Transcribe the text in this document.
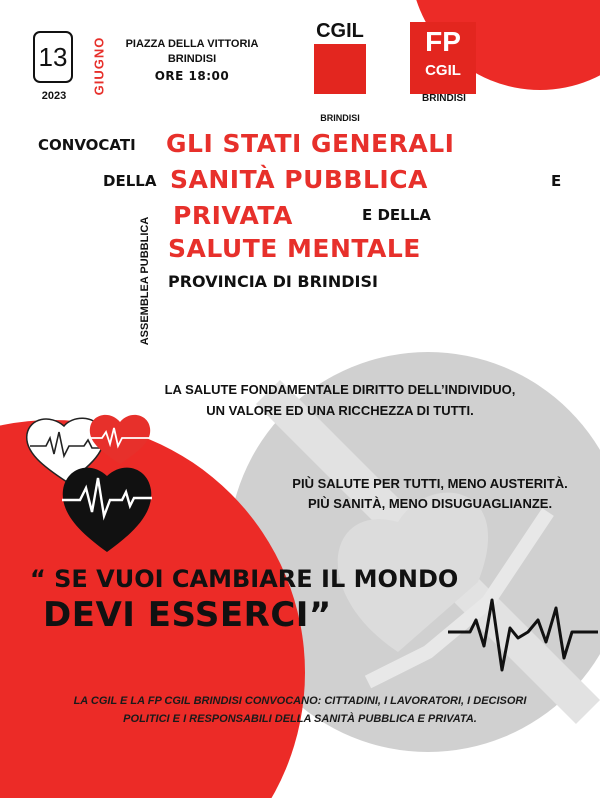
13
2023
GIUGNO	PIAZZA DELLA VITTORIA
BRINDISI
ORE 18:00
CGIL
BRINDISI
FP
CGIL
BRINDISI
CONVOCATI GLI STATI GENERALI
DELLA SANITÀ PUBBLICA	E
PRIVATA	E DELLA
SALUTE MENTALE
PROVINCIA DI BRINDISI
ASSEMBLEA PUBBLICA
LA SALUTE FONDAMENTALE DIRITTO DELL’INDIVIDUO,
UN VALORE ED UNA RICCHEZZA DI TUTTI.
PIÙ SALUTE PER TUTTI, MENO AUSTERITÀ.
PIÙ SANITÀ, MENO DISUGUAGLIANZE.
“ SE VUOI CAMBIARE IL MONDO
DEVI ESSERCI”
LA CGIL E LA FP CGIL BRINDISI CONVOCANO: CITTADINI, I LAVORATORI, I DECISORI
POLITICI E I RESPONSABILI DELLA SANITÀ PUBBLICA E PRIVATA.
brindisilibera.it
